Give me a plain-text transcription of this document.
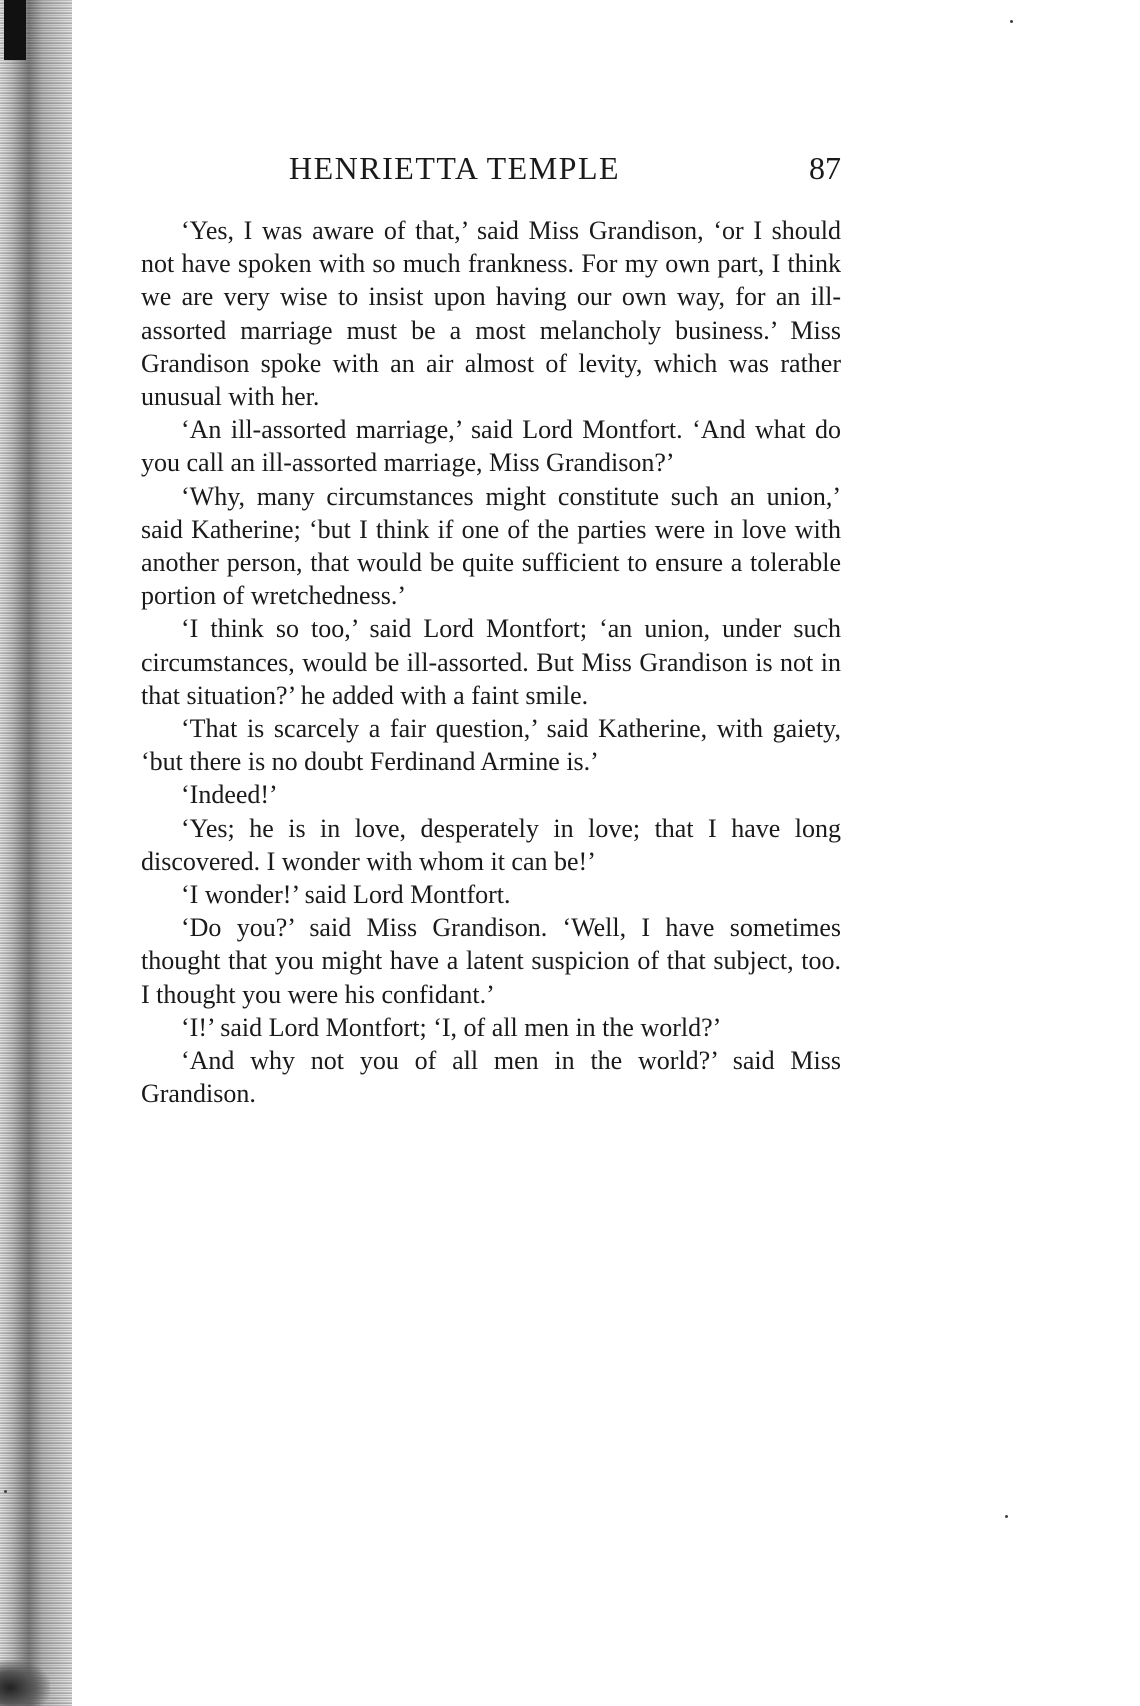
HENRIETTA TEMPLE	87

‘Yes, I was aware of that,’ said Miss Grandison, ‘or I should not have spoken with so much frankness. For my own part, I think we are very wise to insist upon having our own way, for an ill-assorted marriage must be a most melancholy business.’ Miss Grandison spoke with an air almost of levity, which was rather unusual with her.

‘An ill-assorted marriage,’ said Lord Montfort. ‘And what do you call an ill-assorted marriage, Miss Grandison?’

‘Why, many circumstances might constitute such an union,’ said Katherine; ‘but I think if one of the parties were in love with another person, that would be quite sufficient to ensure a tolerable portion of wretchedness.’

‘I think so too,’ said Lord Montfort; ‘an union, under such circumstances, would be ill-assorted. But Miss Grandison is not in that situation?’ he added with a faint smile.

‘That is scarcely a fair question,’ said Katherine, with gaiety, ‘but there is no doubt Ferdinand Armine is.’

‘Indeed!’

‘Yes; he is in love, desperately in love; that I have long discovered. I wonder with whom it can be!’

‘I wonder!’ said Lord Montfort.

‘Do you?’ said Miss Grandison. ‘Well, I have sometimes thought that you might have a latent suspicion of that subject, too. I thought you were his confidant.’

‘I!’ said Lord Montfort; ‘I, of all men in the world?’

‘And why not you of all men in the world?’ said Miss Grandison.
